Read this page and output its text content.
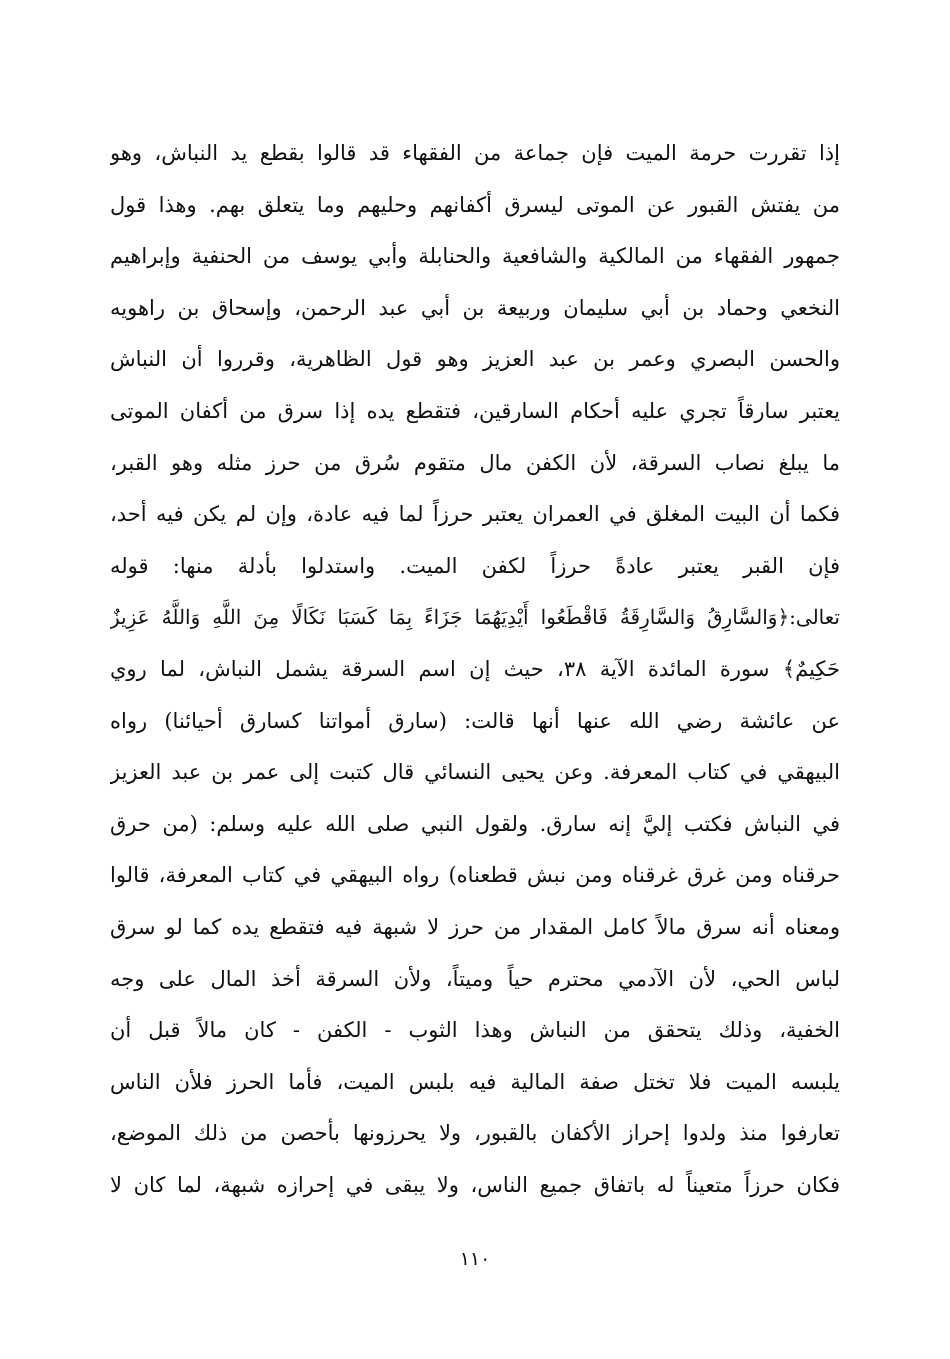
إذا تقررت حرمة الميت فإن جماعة من الفقهاء قد قالوا بقطع يد النباش، وهو
من يفتش القبور عن الموتى ليسرق أكفانهم وحليهم وما يتعلق بهم. وهذا قول
جمهور الفقهاء من المالكية والشافعية والحنابلة وأبي يوسف من الحنفية وإبراهيم
النخعي وحماد بن أبي سليمان وربيعة بن أبي عبد الرحمن، وإسحاق بن راهويه
والحسن البصري وعمر بن عبد العزيز وهو قول الظاهرية، وقرروا أن النباش
يعتبر سارقاً تجري عليه أحكام السارقين، فتقطع يده إذا سرق من أكفان الموتى
ما يبلغ نصاب السرقة، لأن الكفن مال متقوم سُرق من حرز مثله وهو القبر،
فكما أن البيت المغلق في العمران يعتبر حرزاً لما فيه عادة، وإن لم يكن فيه أحد،
فإن القبر يعتبر عادةً حرزاً لكفن الميت. واستدلوا بأدلة منها: قوله
تعالى:﴿وَالسَّارِقُ وَالسَّارِقَةُ فَاقْطَعُوا أَيْدِيَهُمَا جَزَاءً بِمَا كَسَبَا نَكَالًا مِنَ اللَّهِ وَاللَّهُ عَزِيزٌ
حَكِيمٌ﴾ سورة المائدة الآية ٣٨، حيث إن اسم السرقة يشمل النباش، لما روي
عن عائشة رضي الله عنها أنها قالت: (سارق أمواتنا كسارق أحيائنا) رواه
البيهقي في كتاب المعرفة. وعن يحيى النسائي قال كتبت إلى عمر بن عبد العزيز
في النباش فكتب إليَّ إنه سارق. ولقول النبي صلى الله عليه وسلم: (من حرق
حرقناه ومن غرق غرقناه ومن نبش قطعناه) رواه البيهقي في كتاب المعرفة، قالوا
ومعناه أنه سرق مالاً كامل المقدار من حرز لا شبهة فيه فتقطع يده كما لو سرق
لباس الحي، لأن الآدمي محترم حياً وميتاً، ولأن السرقة أخذ المال على وجه
الخفية، وذلك يتحقق من النباش وهذا الثوب - الكفن - كان مالاً قبل أن
يلبسه الميت فلا تختل صفة المالية فيه بلبس الميت، فأما الحرز فلأن الناس
تعارفوا منذ ولدوا إحراز الأكفان بالقبور، ولا يحرزونها بأحصن من ذلك الموضع،
فكان حرزاً متعيناً له باتفاق جميع الناس، ولا يبقى في إحرازه شبهة، لما كان لا
١١٠
